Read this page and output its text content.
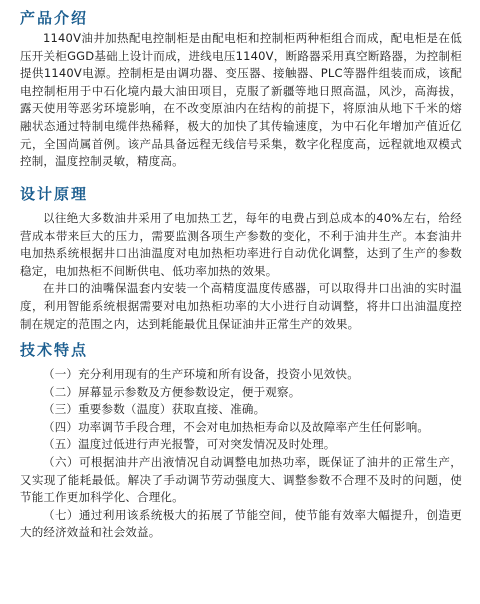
产品介绍

1140V油井加热配电控制柜是由配电柜和控制柜两种柜组合而成，配电柜是在低压开关柜GGD基础上设计而成，进线电压1140V，断路器采用真空断路器，为控制柜提供1140V电源。控制柜是由调功器、变压器、接触器、PLC等器件组装而成，该配电控制柜用于中石化境内最大油田项目，克服了新疆等地日照高温，风沙，高海拔，露天使用等恶劣环境影响，在不改变原油内在结构的前提下，将原油从地下千米的熔融状态通过特制电缆伴热稀释，极大的加快了其传输速度，为中石化年增加产值近亿元，全国尚属首例。该产品具备远程无线信号采集，数字化程度高，远程就地双模式控制，温度控制灵敏，精度高。

设计原理

以往绝大多数油井采用了电加热工艺，每年的电费占到总成本的40%左右，给经营成本带来巨大的压力，需要监测各项生产参数的变化，不利于油井生产。本套油井电加热系统根据井口出油温度对电加热柜功率进行自动优化调整，达到了生产的参数稳定，电加热柜不间断供电、低功率加热的效果。

在井口的油嘴保温套内安装一个高精度温度传感器，可以取得井口出油的实时温度，利用智能系统根据需要对电加热柜功率的大小进行自动调整，将井口出油温度控制在规定的范围之内，达到耗能最优且保证油井正常生产的效果。

技术特点

（一）充分利用现有的生产环境和所有设备，投资小见效快。

（二）屏幕显示参数及方便参数设定，便于观察。

（三）重要参数（温度）获取直接、准确。

（四）功率调节手段合理，不会对电加热柜寿命以及故障率产生任何影响。

（五）温度过低进行声光报警，可对突发情况及时处理。

（六）可根据油井产出液情况自动调整电加热功率，既保证了油井的正常生产，又实现了能耗最低。解决了手动调节劳动强度大、调整参数不合理不及时的问题，使节能工作更加科学化、合理化。

（七）通过利用该系统极大的拓展了节能空间，使节能有效率大幅提升，创造更大的经济效益和社会效益。
